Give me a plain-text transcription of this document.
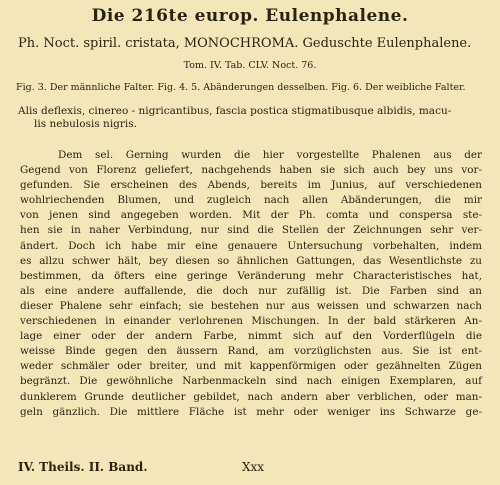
Die 216te europ. Eulenphalene.
Ph. Noct. spiril. cristata, MONOCHROMA. Geduschte Eulenphalene.
Tom. IV. Tab. CLV. Noct. 76.
Fig. 3. Der männliche Falter. Fig. 4. 5. Abänderungen desselben. Fig. 6. Der weibliche Falter.
Alis deflexis, cinereo - nigricantibus, fascia postica stigmatibusque albidis, macu-
lis nebulosis nigris.
Dem sel. Gerning wurden die hier vorgestellte Phalenen aus der
Gegend von Florenz geliefert, nachgehends haben sie sich auch bey uns vor-
gefunden. Sie erscheinen des Abends, bereits im Junius, auf verschiedenen
wohlriechenden Blumen, und zugleich nach allen Abänderungen, die mir
von jenen sind angegeben worden. Mit der Ph. comta und conspersa ste-
hen sie in naher Verbindung, nur sind die Stellen der Zeichnungen sehr ver-
ändert. Doch ich habe mir eine genauere Untersuchung vorbehalten, indem
es allzu schwer hält, bey diesen so ähnlichen Gattungen, das Wesentlichste zu
bestimmen, da öfters eine geringe Veränderung mehr Characteristisches hat,
als eine andere auffallende, die doch nur zufällig ist. Die Farben sind an
dieser Phalene sehr einfach; sie bestehen nur aus weissen und schwarzen nach
verschiedenen in einander verlohrenen Mischungen. In der bald stärkeren An-
lage einer oder der andern Farbe, nimmt sich auf den Vorderflügeln die
weisse Binde gegen den äussern Rand, am vorzüglichsten aus. Sie ist ent-
weder schmäler oder breiter, und mit kappenförmigen oder gezähnelten Zügen
begränzt. Die gewöhnliche Narbenmackeln sind nach einigen Exemplaren, auf
dunklerem Grunde deutlicher gebildet, nach andern aber verblichen, oder man-
geln gänzlich. Die mittlere Fläche ist mehr oder weniger ins Schwarze ge-
IV. Theils. II. Band.	Xxx
